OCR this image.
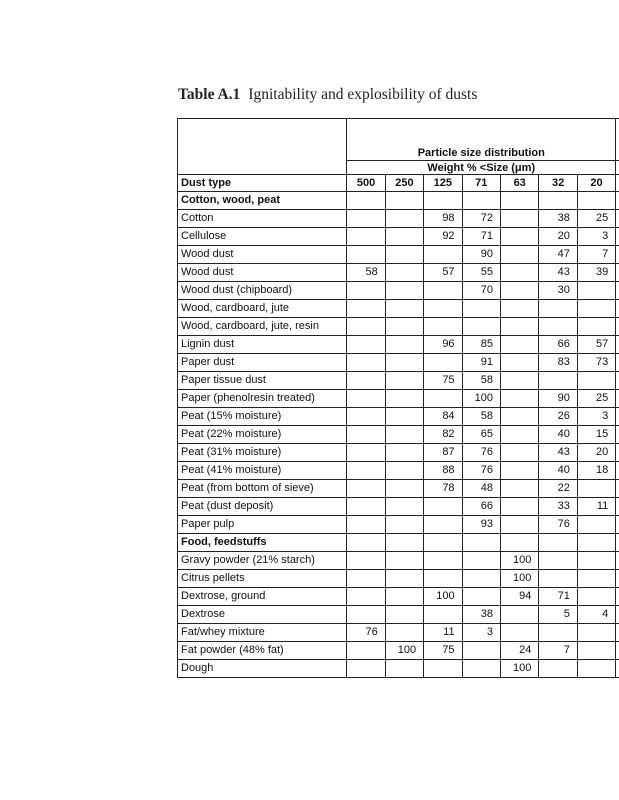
Table A.1 Ignitability and explosibility of dusts

	Particle size distribution							
	Weight % <Size (μm)							
Dust type	500	250	125	71	63	32	20	
Cotton, wood, peat								
Cotton			98	72		38	25	
Cellulose			92	71		20	3	
Wood dust				90		47	7	
Wood dust	58		57	55		43	39	
Wood dust (chipboard)				70		30		
Wood, cardboard, jute								
Wood, cardboard, jute, resin								
Lignin dust			96	85		66	57	
Paper dust				91		83	73	
Paper tissue dust			75	58				
Paper (phenolresin treated)				100		90	25	
Peat (15% moisture)			84	58		26	3	
Peat (22% moisture)			82	65		40	15	
Peat (31% moisture)			87	76		43	20	
Peat (41% moisture)			88	76		40	18	
Peat (from bottom of sieve)			78	48		22		
Peat (dust deposit)				66		33	11	
Paper pulp				93		76		
Food, feedstuffs								
Gravy powder (21% starch)					100			
Citrus pellets					100			
Dextrose, ground			100		94	71		
Dextrose				38		5	4	
Fat/whey mixture	76		11	3				
Fat powder (48% fat)		100	75		24	7		
Dough					100			
